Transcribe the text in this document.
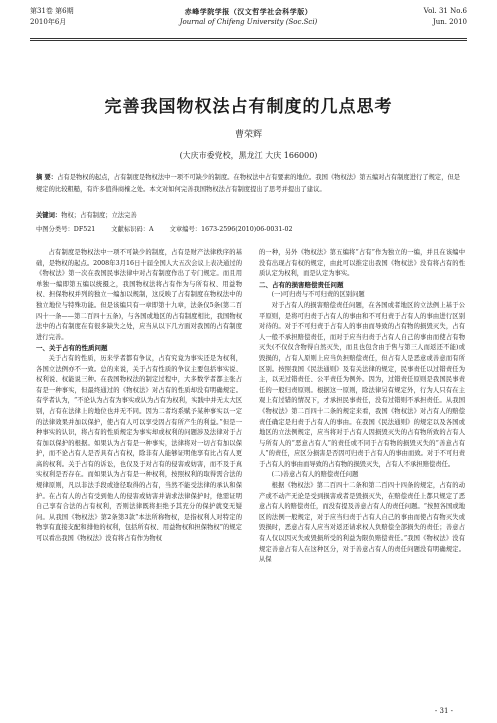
第31卷 第6期
2010年6月
赤峰学院学报（汉文哲学社会科学版）
Journal of Chifeng University (Soc.Sci)
Vol. 31 No.6
Jun. 2010
完善我国物权法占有制度的几点思考
曹荣辉
(大庆市委党校，黑龙江 大庆 166000)
摘 要：占有是物权的起点，占有制度是物权法中一项不可缺少的制度。在物权法中占有要素的地位。我国《物权法》第五编对占有制度进行了规定，但是规定的比较粗糙，有许多值得商榷之处。本文对如何完善我国物权法占有制度提出了思考并提出了建议。
关键词：物权；占有制度；立法完善
中图分类号：DF521	文献标识码：A	文章编号：1673-2596(2010)06-0031-02

占有制度是物权法中一项不可缺少的制度，占有是财产法律秩序的基础，是物权的起点。2008年3月16日十届全国人大五次会议上表决通过的《物权法》第一次在我国民事法律中对占有制度作出了专门规定。而且用单独一编即第五编以统摄之，我国物权法将占有作为与所有权、用益物权、担保物权并列的独立一编加以规制，这反映了占有制度在物权法中的独立地位与特殊功能。但是该编只有一章即第十九章，法条仅5条(第二百四十一条——第二百四十五条)，与各国或地区的占有制度相比，我国物权法中的占有制度在有很多缺失之处，应当从以下几方面对我国的占有制度进行完善。

一、关于占有的性质问题

关于占有的性质，历来学者都有争议，占有究竟为事实还是为权利，各国立法例亦不一致。总的来说，关于占有性质的争议主要包括事实说、权利说、权能说三种。在我国物权法的制定过程中，大多数学者都主张占有是一种事实，但最终通过的《物权法》对占有的性质却没有明确规定。有学者认为，“不论认为占有为事实或认为占有为权利，实践中并无太大区别，占有在法律上的地位也并无不同。因为二者均系赋予某种事实以一定的法律效果并加以保护，使占有人可以享受因占有所产生的利益。”但是一种事实的认识，将占有的性质规定为事实却或权利的问题涉及法律对于占有加以保护的根据。如果认为占有是一种事实，法律将对一切占有加以保护，而不论占有人是否具有占有权，除非有人能够证明他享有比占有人更高的权利。关于占有的诉讼，也仅及于对占有的侵害或妨害，而不及于真实权利是否存在。而如果认为占有是一种权利，按照权利的取得需合法的规律原则，凡以非法手段或途径取得的占有，当然不能受法律的承认和保护。在占有人的占有受到他人的侵害或妨害并请求法律保护时，他需证明自己享有合法的占有权利，否则法律既将拒绝予其充分的保护就变无疑问。从我国《物权法》第2条第3款“本法所称物权，是指权利人对特定的物享有直接支配和排他的权利，包括所有权、用益物权和担保物权”的规定可以看出我国《物权法》没有将占有作为物权

的一种，另外《物权法》第五编将“占有”作为独立的一编，并且在该编中没有出现占有权的规定，由此可以推定出我国《物权法》没有将占有的性质认定为权利，而是认定为事实。

二、占有的损害赔偿责任问题
(一)可归责与不可归责的区别问题

对于占有人的损害赔偿责任问题，在各国或者地区的立法例上基于公平原则，是将可归责于占有人的事由和不可归责于占有人的事由进行区别对待的。对于不可归责于占有人的事由而导致的占有物的损毁灭失，占有人一般不承担赔偿责任，而对于应当归责于占有人自己的事由而使占有物灭失(不仅仅含物得自然灭失，而且也包含由于售与第三人而返还不能)或毁损的，占有人原则上应当负担赔偿责任，但占有人是恶意或善意而有所区别。按照我国《民法通则》及有关法律的规定，民事责任以过错责任为主，以无过错责任、公平责任为例外。因为，过错责任原则是我国民事责任的一般归责原则。根据这一原则，除法律另有规定外，行为人只有在主观上有过错的情况下，才承担民事责任，没有过错则不承担责任。从我国《物权法》第二百四十二条的规定来看，我国《物权法》对占有人的赔偿责任确定是归责于占有人的事由。在我国《民法通则》的规定以及各国或地区的立法例规定，应当将对于占有人因损毁灭失的占有物所致的占有人与所有人的“恶意占有人”的责任或不同于占有物的损毁灭失的“善意占有人”的责任，应区分损害是否因可归责于占有人的事由而致。对于不可归责于占有人的事由而导致的占有物的损毁灭失，占有人不承担赔偿责任。

(二)善意占有人的赔偿责任问题

根据《物权法》第二百四十二条和第二百四十四条的规定，占有的动产或不动产无论是受到损害或者是毁损灭失，在赔偿责任上都只规定了恶意占有人的赔偿责任，而没有提及善意占有人的责任问题。“按照各国或地区的法例一般规定，对于应当归责于占有人自己的事由而使占有物灭失或毁损时，恶意占有人应当对返还请求权人负赔偿全部损失的责任；善意占有人仅以因灭失或毁损所受的利益为限负赔偿责任。”我国《物权法》没有规定善意占有人在这种区分，对于善意占有人的责任问题没有明确规定。从保

- 31 -
